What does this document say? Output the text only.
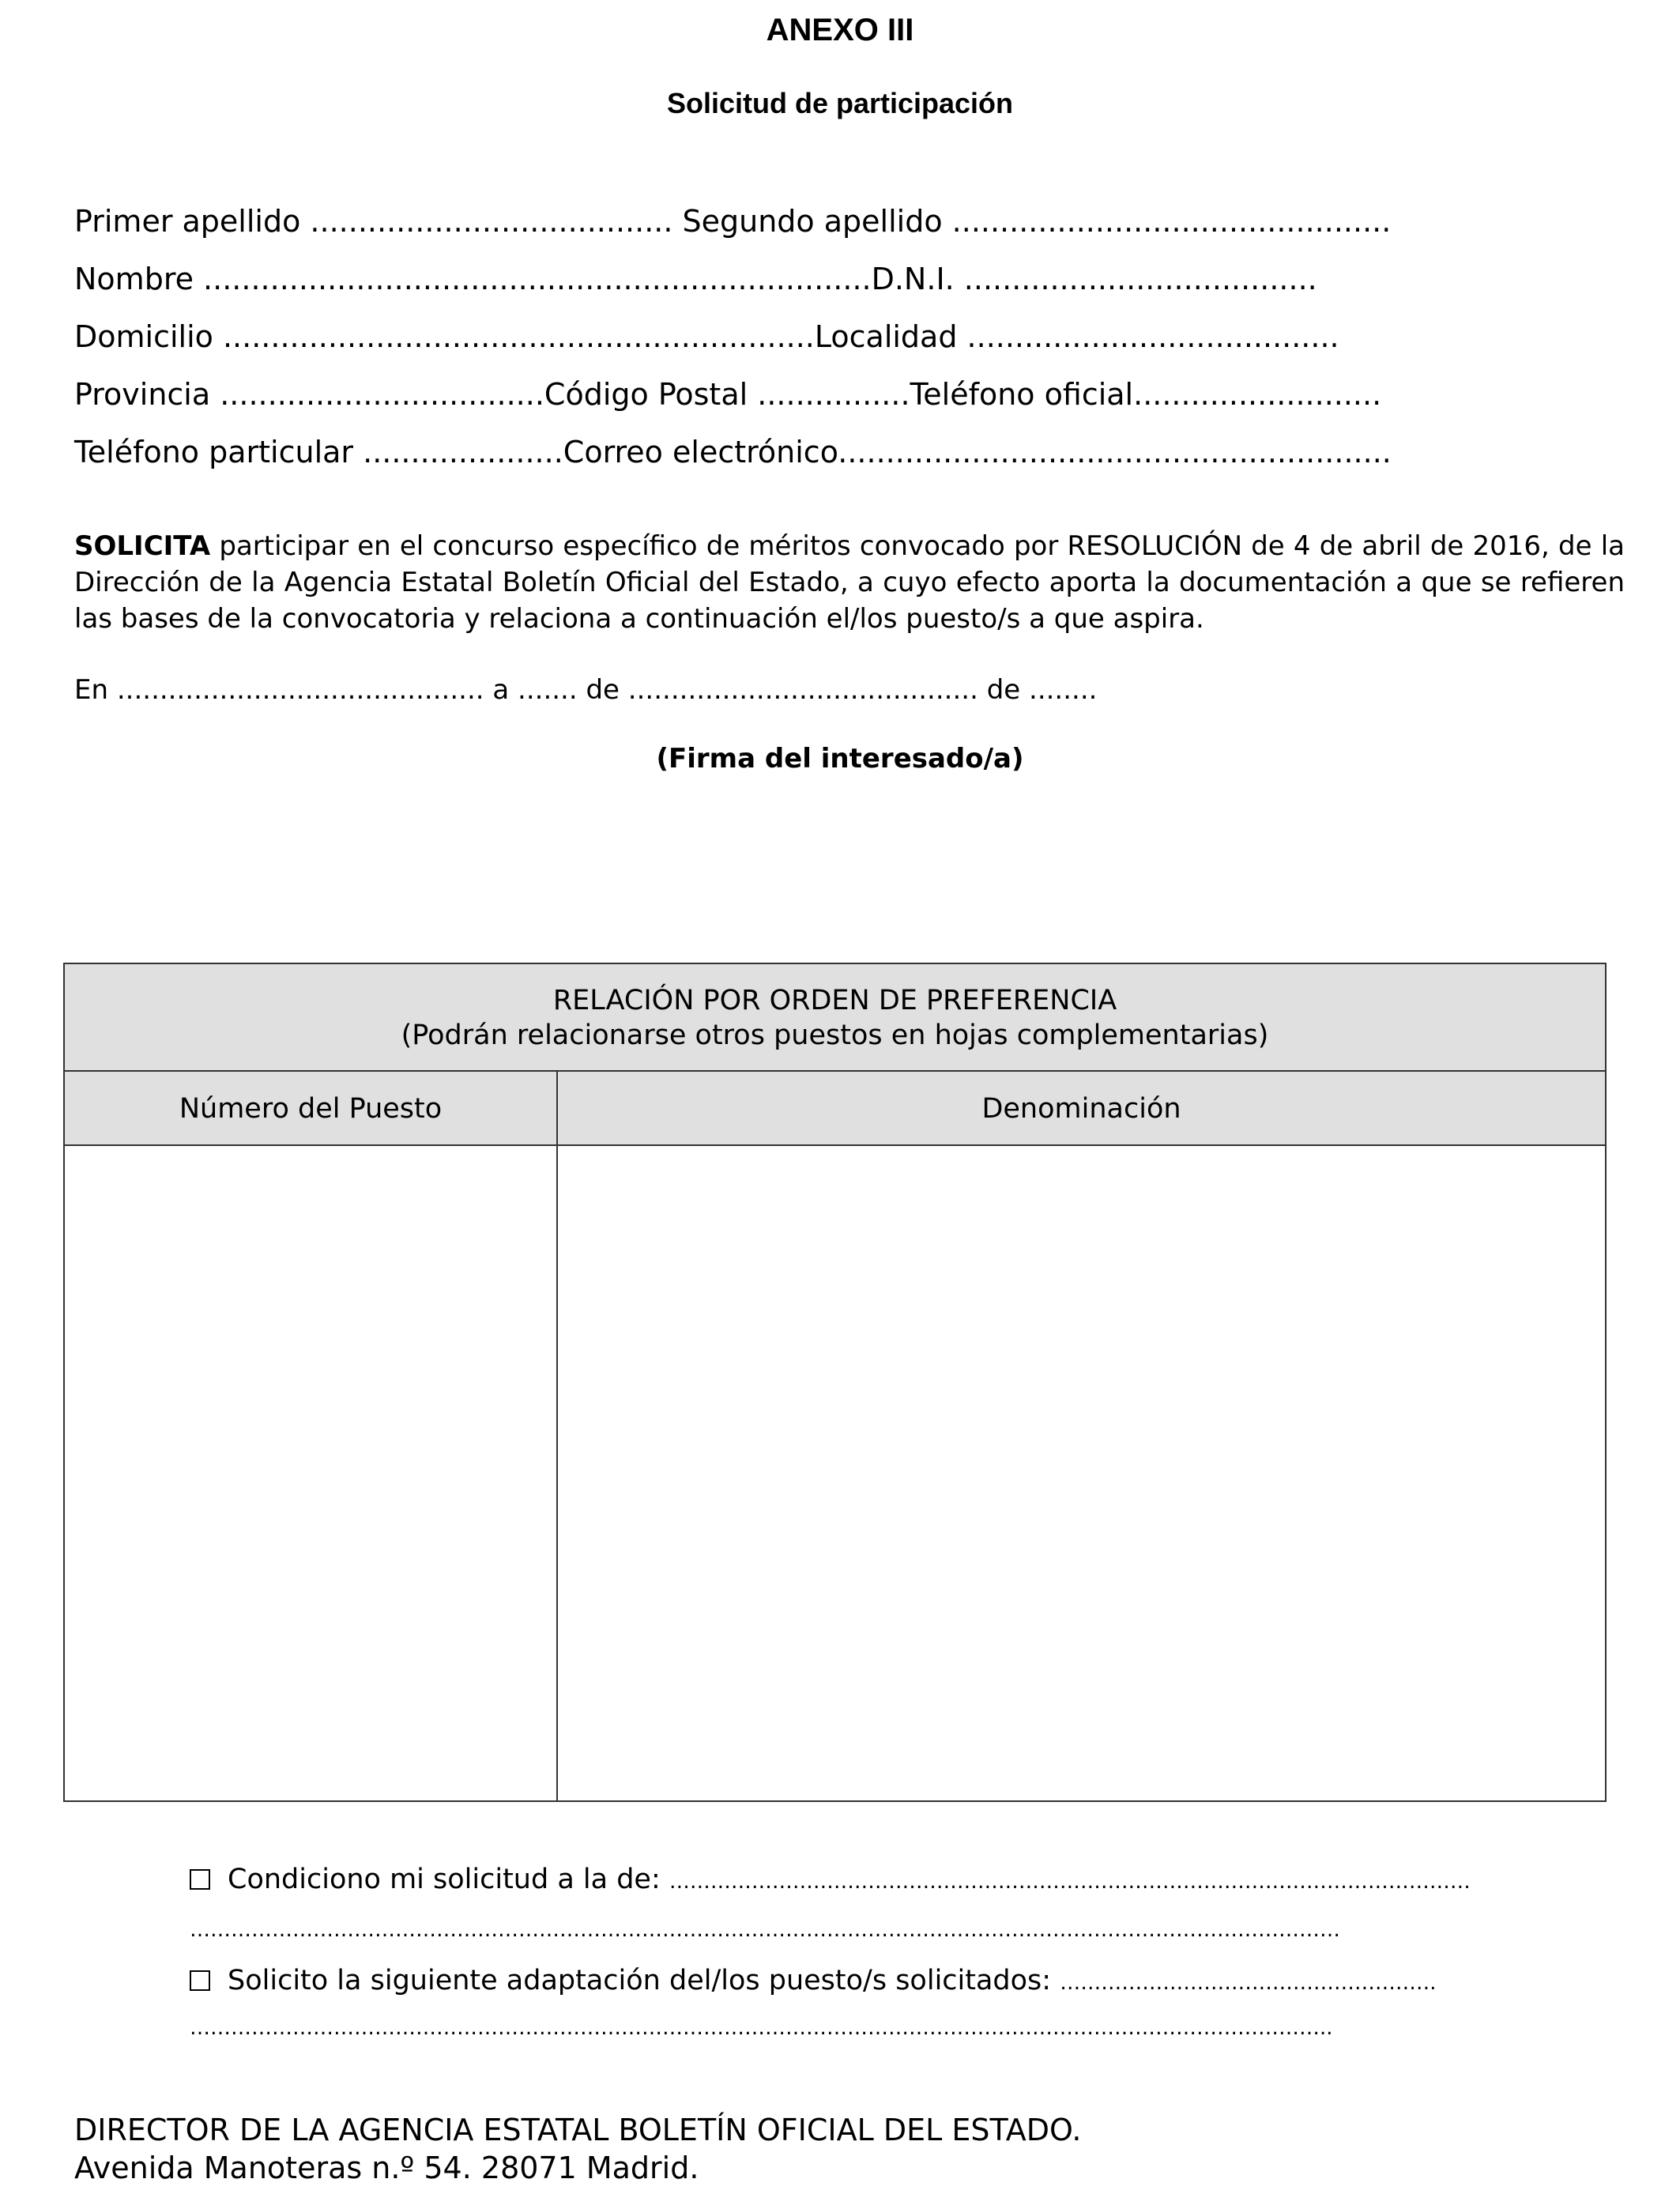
ANEXO III
Solicitud de participación
Primer apellido ...................................... Segundo apellido ..............................................
Nombre ......................................................................D.N.I. .....................................
Domicilio ..............................................................Localidad .......................................
Provincia ..................................Código Postal ................Teléfono oficial..........................
Teléfono particular .....................Correo electrónico..........................................................
SOLICITA participar en el concurso específico de méritos convocado por RESOLUCIÓN de 4 de abril de 2016, de la Dirección de la Agencia Estatal Boletín Oficial del Estado, a cuyo efecto aporta la documentación a que se refieren las bases de la convocatoria y relaciona a continuación el/los puesto/s a que aspira.
En ........................................... a ....... de ......................................... de ........
(Firma del interesado/a)
RELACIÓN POR ORDEN DE PREFERENCIA
(Podrán relacionarse otros puestos en hojas complementarias)
Número del Puesto	Denominación
Condiciono mi solicitud a la de: ………………………………………………………………………………………………………
……………………………………………………………………………………………………………………………………………………
Solicito la siguiente adaptación del/los puesto/s solicitados: ……………………………………………….
…………………………………………………………………………………………………………………………………………………..
DIRECTOR DE LA AGENCIA ESTATAL BOLETÍN OFICIAL DEL ESTADO.
Avenida Manoteras n.º 54. 28071 Madrid.
